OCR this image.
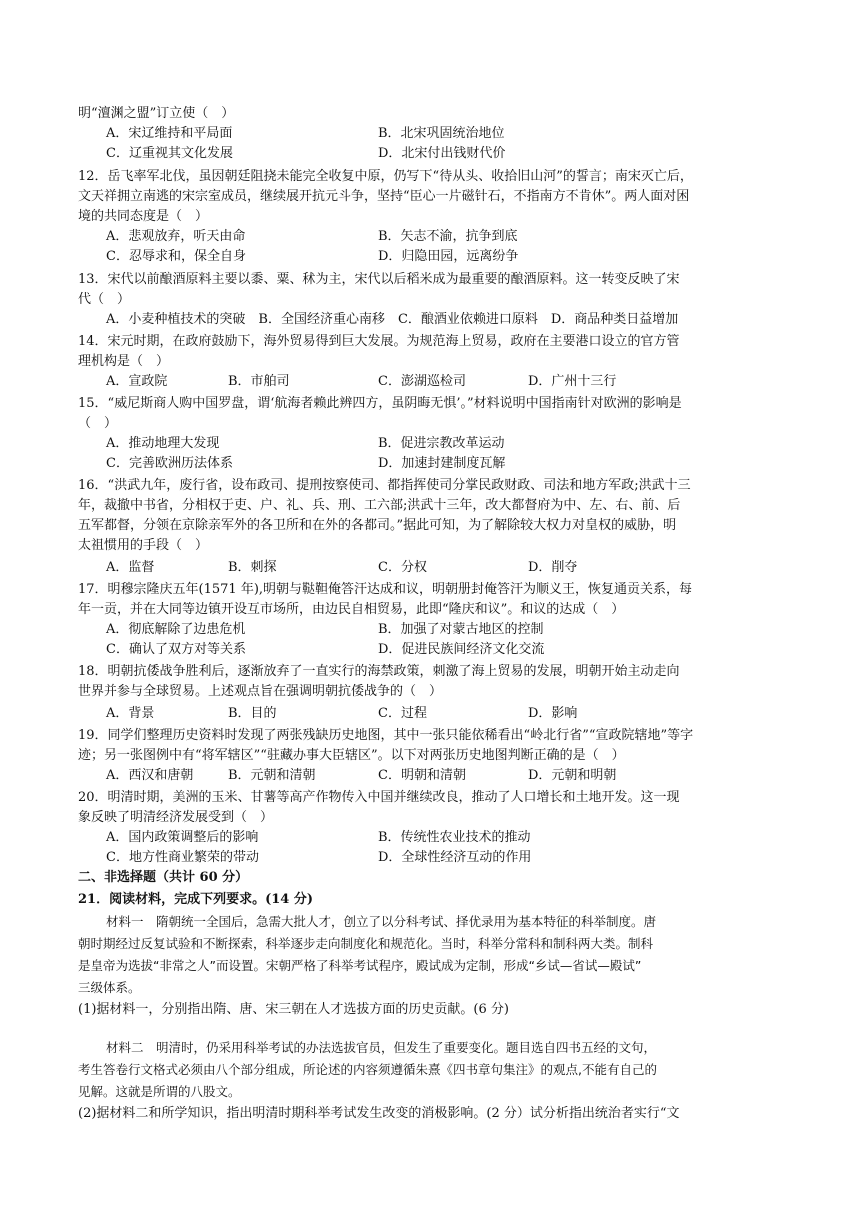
明“澶渊之盟”订立使（　）
A．宋辽维持和平局面	B．北宋巩固统治地位
C．辽重视其文化发展	D．北宋付出钱财代价
12．岳飞率军北伐，虽因朝廷阻挠未能完全收复中原，仍写下“待从头、收拾旧山河”的誓言；南宋灭亡后，
文天祥拥立南逃的宋宗室成员，继续展开抗元斗争，坚持“臣心一片磁针石，不指南方不肯休”。两人面对困
境的共同态度是（　）
A．悲观放弃，听天由命	B．矢志不渝，抗争到底
C．忍辱求和，保全自身	D．归隐田园，远离纷争
13．宋代以前酿酒原料主要以黍、粟、秫为主，宋代以后稻米成为最重要的酿酒原料。这一转变反映了宋
代（　）
A．小麦种植技术的突破　B．全国经济重心南移　C．酿酒业依赖进口原料　D．商品种类日益增加
14．宋元时期，在政府鼓励下，海外贸易得到巨大发展。为规范海上贸易，政府在主要港口设立的官方管
理机构是（　）
A．宣政院	B．市舶司	C．澎湖巡检司	D．广州十三行
15．“威尼斯商人购中国罗盘，谓‘航海者赖此辨四方，虽阴晦无惧’。”材料说明中国指南针对欧洲的影响是
（　）
A．推动地理大发现	B．促进宗教改革运动
C．完善欧洲历法体系	D．加速封建制度瓦解
16．“洪武九年，废行省，设布政司、提刑按察使司、都指挥使司分掌民政财政、司法和地方军政;洪武十三
年，裁撤中书省，分相权于吏、户、礼、兵、刑、工六部;洪武十三年，改大都督府为中、左、右、前、后
五军都督，分领在京除亲军外的各卫所和在外的各都司。”据此可知，为了解除较大权力对皇权的威胁，明
太祖惯用的手段（　）
A．监督	B．刺探	C．分权	D．削夺
17．明穆宗隆庆五年(1571 年),明朝与鞑靼俺答汗达成和议，明朝册封俺答汗为顺义王，恢复通贡关系，每
年一贡，并在大同等边镇开设互市场所，由边民自相贸易，此即“隆庆和议”。和议的达成（　）
A．彻底解除了边患危机	B．加强了对蒙古地区的控制
C．确认了双方对等关系	D．促进民族间经济文化交流
18．明朝抗倭战争胜利后，逐渐放弃了一直实行的海禁政策，刺激了海上贸易的发展，明朝开始主动走向
世界并参与全球贸易。上述观点旨在强调明朝抗倭战争的（　）
A．背景	B．目的	C．过程	D．影响
19．同学们整理历史资料时发现了两张残缺历史地图，其中一张只能依稀看出“岭北行省”“宣政院辖地”等字
迹；另一张图例中有“将军辖区”“驻藏办事大臣辖区”。以下对两张历史地图判断正确的是（　）
A．西汉和唐朝	B．元朝和清朝	C．明朝和清朝	D．元朝和明朝
20．明清时期，美洲的玉米、甘薯等高产作物传入中国并继续改良，推动了人口增长和土地开发。这一现
象反映了明清经济发展受到（　）
A．国内政策调整后的影响	B．传统性农业技术的推动
C．地方性商业繁荣的带动	D．全球性经济互动的作用
二、非选择题（共计 60 分）
21．阅读材料，完成下列要求。(14 分)
材料一　隋朝统一全国后，急需大批人才，创立了以分科考试、择优录用为基本特征的科举制度。唐
朝时期经过反复试验和不断探索，科举逐步走向制度化和规范化。当时，科举分常科和制科两大类。制科
是皇帝为选拔“非常之人”而设置。宋朝严格了科举考试程序，殿试成为定制，形成“乡试—省试—殿试”
三级体系。
(1)据材料一，分别指出隋、唐、宋三朝在人才选拔方面的历史贡献。(6 分)
材料二　明清时，仍采用科举考试的办法选拔官员，但发生了重要变化。题目选自四书五经的文句，
考生答卷行文格式必须由八个部分组成，所论述的内容须遵循朱熹《四书章句集注》的观点,不能有自己的
见解。这就是所谓的八股文。
(2)据材料二和所学知识，指出明清时期科举考试发生改变的消极影响。(2 分）试分析指出统治者实行“文
